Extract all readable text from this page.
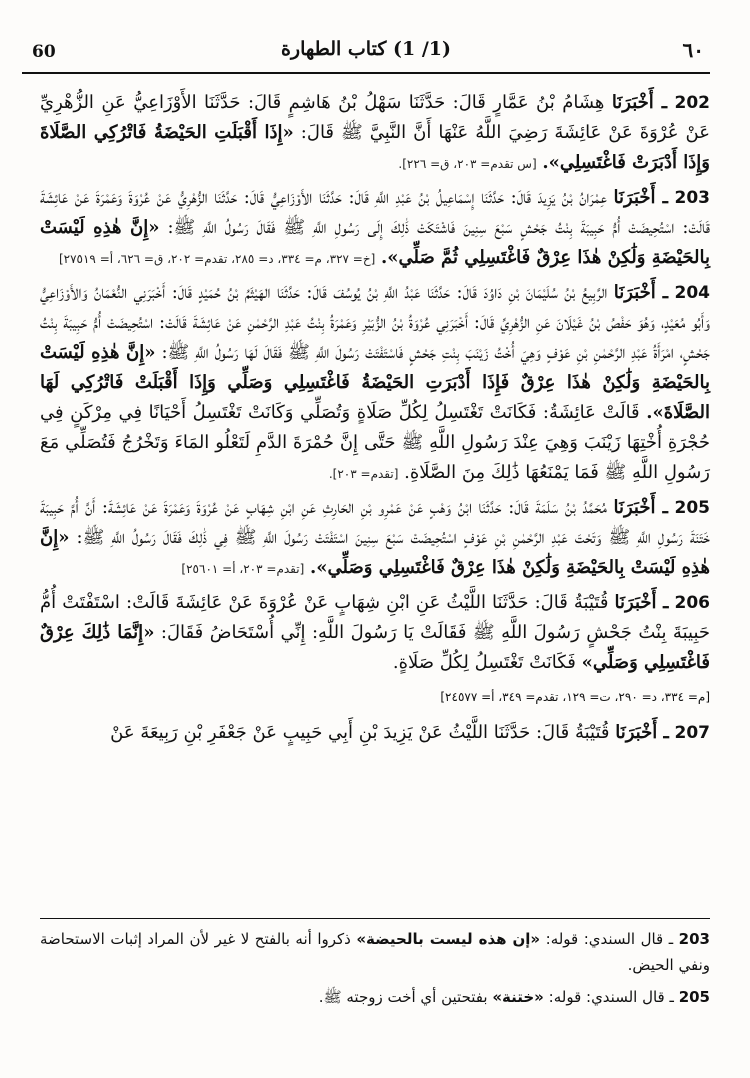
60	(1/ 1) كتاب الطهارة	٦٠

202 ـ أَخْبَرَنَا هِشَامُ بْنُ عَمَّارٍ قَالَ: حَدَّثَنَا سَهْلُ بْنُ هَاشِمٍ قَالَ: حَدَّثَنَا الأَوْزَاعِيُّ عَنِ الزُّهْرِيِّ عَنْ عُرْوَةَ عَنْ عَائِشَةَ رَضِيَ اللَّهُ عَنْهَا أَنَّ النَّبِيَّ ﷺ قَالَ: «إِذَا أَقْبَلَتِ الحَيْضَةُ فَاتْرُكِي الصَّلَاةَ وَإِذَا أَدْبَرَتْ فَاغْتَسِلِي». [س تقدم= ٢٠٣، ق= ٢٢٦].

203 ـ أَخْبَرَنَا عِمْرَانُ بْنُ يَزِيدَ قَالَ: حَدَّثَنَا إِسْمَاعِيلُ بْنُ عَبْدِ اللَّهِ قَالَ: حَدَّثَنَا الأَوْزَاعِيُّ قَالَ: حَدَّثَنَا الزُّهْرِيُّ عَنْ عُرْوَةَ وَعَمْرَةَ عَنْ عَائِشَةَ قَالَتْ: اسْتُحِيضَتْ أُمُّ حَبِيبَةَ بِنْتُ جَحْشٍ سَبْعَ سِنِينَ فَاشْتَكَتْ ذَٰلِكَ إِلَى رَسُولِ اللَّهِ ﷺ فَقَالَ رَسُولُ اللَّهِ ﷺ: «إِنَّ هٰذِهِ لَيْسَتْ بِالحَيْضَةِ وَلَٰكِنْ هٰذَا عِرْقٌ فَاغْتَسِلِي ثُمَّ صَلِّي». [خ= ٣٢٧، م= ٣٣٤، د= ٢٨٥، تقدم= ٢٠٢، ق= ٦٢٦، أ= ٢٧٥١٩]

204 ـ أَخْبَرَنَا الرَّبِيعُ بْنُ سُلَيْمَانَ بْنِ دَاوُدَ قَالَ: حَدَّثَنَا عَبْدُ اللَّهِ بْنُ يُوسُفَ قَالَ: حَدَّثَنَا الهَيْثَمُ بْنُ حُمَيْدٍ قَالَ: أَخْبَرَنِي النُّعْمَانُ وَالأَوْزَاعِيُّ وَأَبُو مُعَيْدٍ، وَهُوَ حَفْصُ بْنُ غَيْلَانَ عَنِ الزُّهْرِيِّ قَالَ: أَخْبَرَنِي عُرْوَةُ بْنُ الزُّبَيْرِ وَعَمْرَةُ بِنْتُ عَبْدِ الرَّحْمٰنِ عَنْ عَائِشَةَ قَالَتْ: اسْتُحِيضَتْ أُمُّ حَبِيبَةَ بِنْتُ جَحْشٍ، امْرَأَةُ عَبْدِ الرَّحْمٰنِ بْنِ عَوْفٍ وَهِيَ أُخْتُ زَيْنَبَ بِنْتِ جَحْشٍ فَاسْتَفْتَتْ رَسُولَ اللَّهِ ﷺ فَقَالَ لَهَا رَسُولُ اللَّهِ ﷺ: «إِنَّ هٰذِهِ لَيْسَتْ بِالحَيْضَةِ وَلَٰكِنْ هٰذَا عِرْقٌ فَإِذَا أَدْبَرَتِ الحَيْضَةُ فَاغْتَسِلِي وَصَلِّي وَإِذَا أَقْبَلَتْ فَاتْرُكِي لَهَا الصَّلَاةَ». قَالَتْ عَائِشَةُ: فَكَانَتْ تَغْتَسِلُ لِكُلِّ صَلَاةٍ وَتُصَلِّي وَكَانَتْ تَغْتَسِلُ أَحْيَانًا فِي مِرْكَنٍ فِي حُجْرَةِ أُخْتِهَا زَيْنَبَ وَهِيَ عِنْدَ رَسُولِ اللَّهِ ﷺ حَتَّى إِنَّ حُمْرَةَ الدَّمِ لَتَعْلُو المَاءَ وَتَخْرُجُ فَتُصَلِّي مَعَ رَسُولِ اللَّهِ ﷺ فَمَا يَمْنَعُهَا ذَٰلِكَ مِنَ الصَّلَاةِ. [تقدم= ٢٠٣].

205 ـ أَخْبَرَنَا مُحَمَّدُ بْنُ سَلَمَةَ قَالَ: حَدَّثَنَا ابْنُ وَهْبٍ عَنْ عَمْرِو بْنِ الحَارِثِ عَنِ ابْنِ شِهَابٍ عَنْ عُرْوَةَ وَعَمْرَةَ عَنْ عَائِشَةَ: أَنَّ أُمَّ حَبِيبَةَ خَتَنَةَ رَسُولِ اللَّهِ ﷺ وَتَحْتَ عَبْدِ الرَّحْمٰنِ بْنِ عَوْفٍ اسْتُحِيضَتْ سَبْعَ سِنِينَ اسْتَفْتَتْ رَسُولَ اللَّهِ ﷺ فِي ذَٰلِكَ فَقَالَ رَسُولُ اللَّهِ ﷺ: «إِنَّ هٰذِهِ لَيْسَتْ بِالحَيْضَةِ وَلَٰكِنْ هٰذَا عِرْقٌ فَاغْتَسِلِي وَصَلِّي». [تقدم= ٢٠٣، أ= ٢٥٦٠١]

206 ـ أَخْبَرَنَا قُتَيْبَةُ قَالَ: حَدَّثَنَا اللَّيْثُ عَنِ ابْنِ شِهَابٍ عَنْ عُرْوَةَ عَنْ عَائِشَةَ قَالَتْ: اسْتَفْتَتْ أُمُّ حَبِيبَةَ بِنْتُ جَحْشٍ رَسُولَ اللَّهِ ﷺ فَقَالَتْ يَا رَسُولَ اللَّهِ: إِنِّي أُسْتَحَاضُ فَقَالَ: «إِنَّمَا ذَٰلِكَ عِرْقٌ فَاغْتَسِلِي وَصَلِّي» فَكَانَتْ تَغْتَسِلُ لِكُلِّ صَلَاةٍ.

[م= ٣٣٤، د= ٢٩٠، ت= ١٢٩، تقدم= ٣٤٩، أ= ٢٤٥٧٧]

207 ـ أَخْبَرَنَا قُتَيْبَةُ قَالَ: حَدَّثَنَا اللَّيْثُ عَنْ يَزِيدَ بْنِ أَبِي حَبِيبٍ عَنْ جَعْفَرِ بْنِ رَبِيعَةَ عَنْ

203 ـ قال السندي: قوله: «إن هذه ليست بالحيضة» ذكروا أنه بالفتح لا غير لأن المراد إثبات الاستحاضة ونفي الحيض.

205 ـ قال السندي: قوله: «ختنة» بفتحتين أي أخت زوجته ﷺ.
